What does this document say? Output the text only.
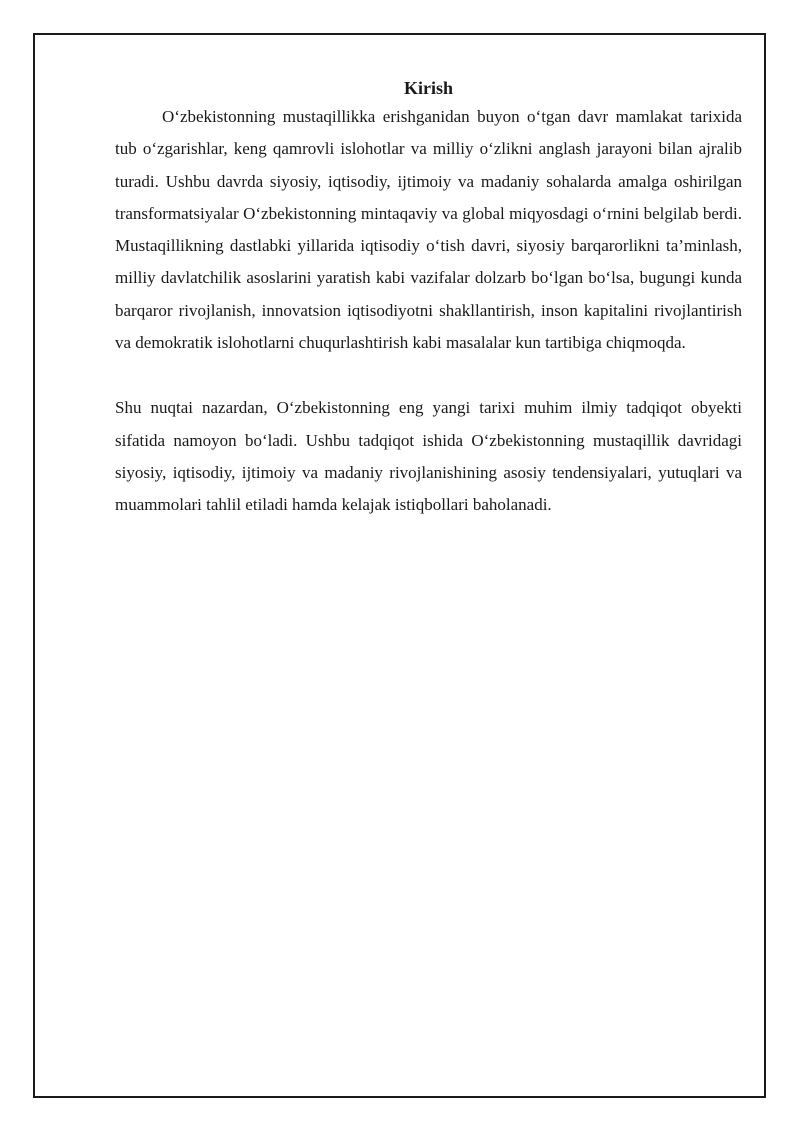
Kirish

O‘zbekistonning mustaqillikka erishganidan buyon o‘tgan davr mamlakat tarixida tub o‘zgarishlar, keng qamrovli islohotlar va milliy o‘zlikni anglash jarayoni bilan ajralib turadi. Ushbu davrda siyosiy, iqtisodiy, ijtimoiy va madaniy sohalarda amalga oshirilgan transformatsiyalar O‘zbekistonning mintaqaviy va global miqyosdagi o‘rnini belgilab berdi. Mustaqillikning dastlabki yillarida iqtisodiy o‘tish davri, siyosiy barqarorlikni ta’minlash, milliy davlatchilik asoslarini yaratish kabi vazifalar dolzarb bo‘lgan bo‘lsa, bugungi kunda barqaror rivojlanish, innovatsion iqtisodiyotni shakllantirish, inson kapitalini rivojlantirish va demokratik islohotlarni chuqurlashtirish kabi masalalar kun tartibiga chiqmoqda.

Shu nuqtai nazardan, O‘zbekistonning eng yangi tarixi muhim ilmiy tadqiqot obyekti sifatida namoyon bo‘ladi. Ushbu tadqiqot ishida O‘zbekistonning mustaqillik davridagi siyosiy, iqtisodiy, ijtimoiy va madaniy rivojlanishining asosiy tendensiyalari, yutuqlari va muammolari tahlil etiladi hamda kelajak istiqbollari baholanadi.
